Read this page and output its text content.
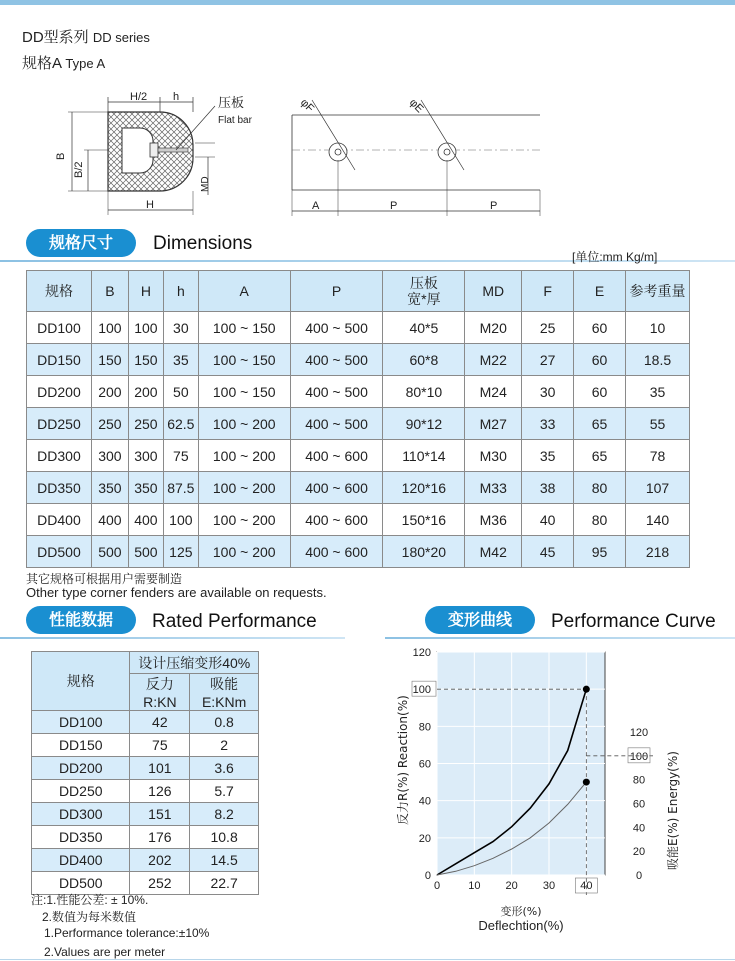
DD型系列 DD series
规格A Type A
H/2 h	压板
Flat bar
B
B/2
H
MD
φF	φE
A	P	P
规格尺寸	Dimensions
[单位:mm Kg/m]
规格	B	H	h	A	P	压板
宽*厚	MD	F	E	参考重量
DD100	100	100	30	100 ~ 150	400 ~ 500	40*5	M20	25	60	10
DD150	150	150	35	100 ~ 150	400 ~ 500	60*8	M22	27	60	18.5
DD200	200	200	50	100 ~ 150	400 ~ 500	80*10	M24	30	60	35
DD250	250	250	62.5	100 ~ 200	400 ~ 500	90*12	M27	33	65	55
DD300	300	300	75	100 ~ 200	400 ~ 600	110*14	M30	35	65	78
DD350	350	350	87.5	100 ~ 200	400 ~ 600	120*16	M33	38	80	107
DD400	400	400	100	100 ~ 200	400 ~ 600	150*16	M36	40	80	140
DD500	500	500	125	100 ~ 200	400 ~ 600	180*20	M42	45	95	218
其它规格可根据用户需要制造
Other type corner fenders are available on requests.
性能数据	Rated Performance
规格	设计压缩变形40%	
	反力R:KN	吸能E:KNm
DD100	42	0.8
DD150	75	2
DD200	101	3.6
DD250	126	5.7
DD300	151	8.2
DD350	176	10.8
DD400	202	14.5
DD500	252	22.7
注:1.性能公差: ± 10%.
2.数值为每米数值
1.Performance tolerance:±10%
2.Values are per meter
变形曲线	Performance Curve
0
20
40
60
80
100
120
0	10 20 30 40
0
20
40
60
80
100
120
反力R(%) Reaction(%)	吸能E(%) Energy(%)
变形(%)
Deflechtion(%)
